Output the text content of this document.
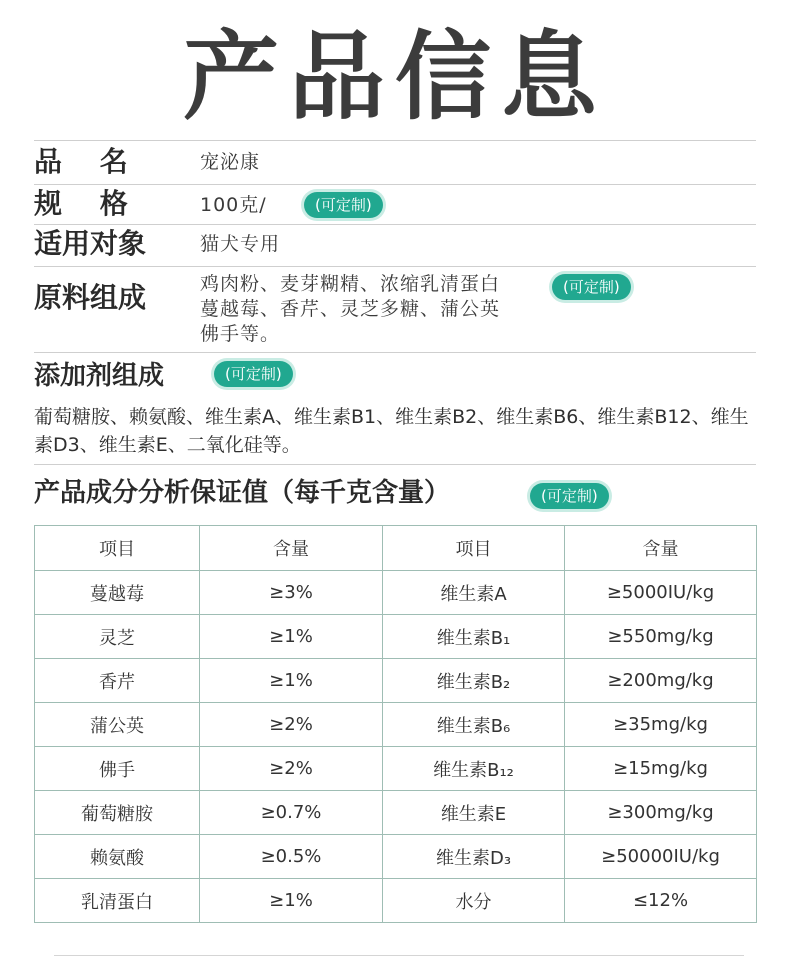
产品信息
品 名	宠泌康
规 格	100克/	(可定制)
适用对象	猫犬专用
原料组成	鸡肉粉、麦芽糊精、浓缩乳清蛋白
蔓越莓、香芹、灵芝多糖、蒲公英
佛手等。
(可定制)
添加剂组成	(可定制)
葡萄糖胺、赖氨酸、维生素A、维生素B1、维生素B2、维生素B6、维生素B12、维生素D3、维生素E、二氧化硅等。
产品成分分析保证值（每千克含量）	(可定制)
项目	含量	项目	含量
蔓越莓	≥3%	维生素A	≥5000IU/kg
灵芝	≥1%	维生素B₁	≥550mg/kg
香芹	≥1%	维生素B₂	≥200mg/kg
蒲公英	≥2%	维生素B₆	≥35mg/kg
佛手	≥2%	维生素B₁₂	≥15mg/kg
葡萄糖胺	≥0.7%	维生素E	≥300mg/kg
赖氨酸	≥0.5%	维生素D₃	≥50000IU/kg
乳清蛋白	≥1%	水分	≤12%
